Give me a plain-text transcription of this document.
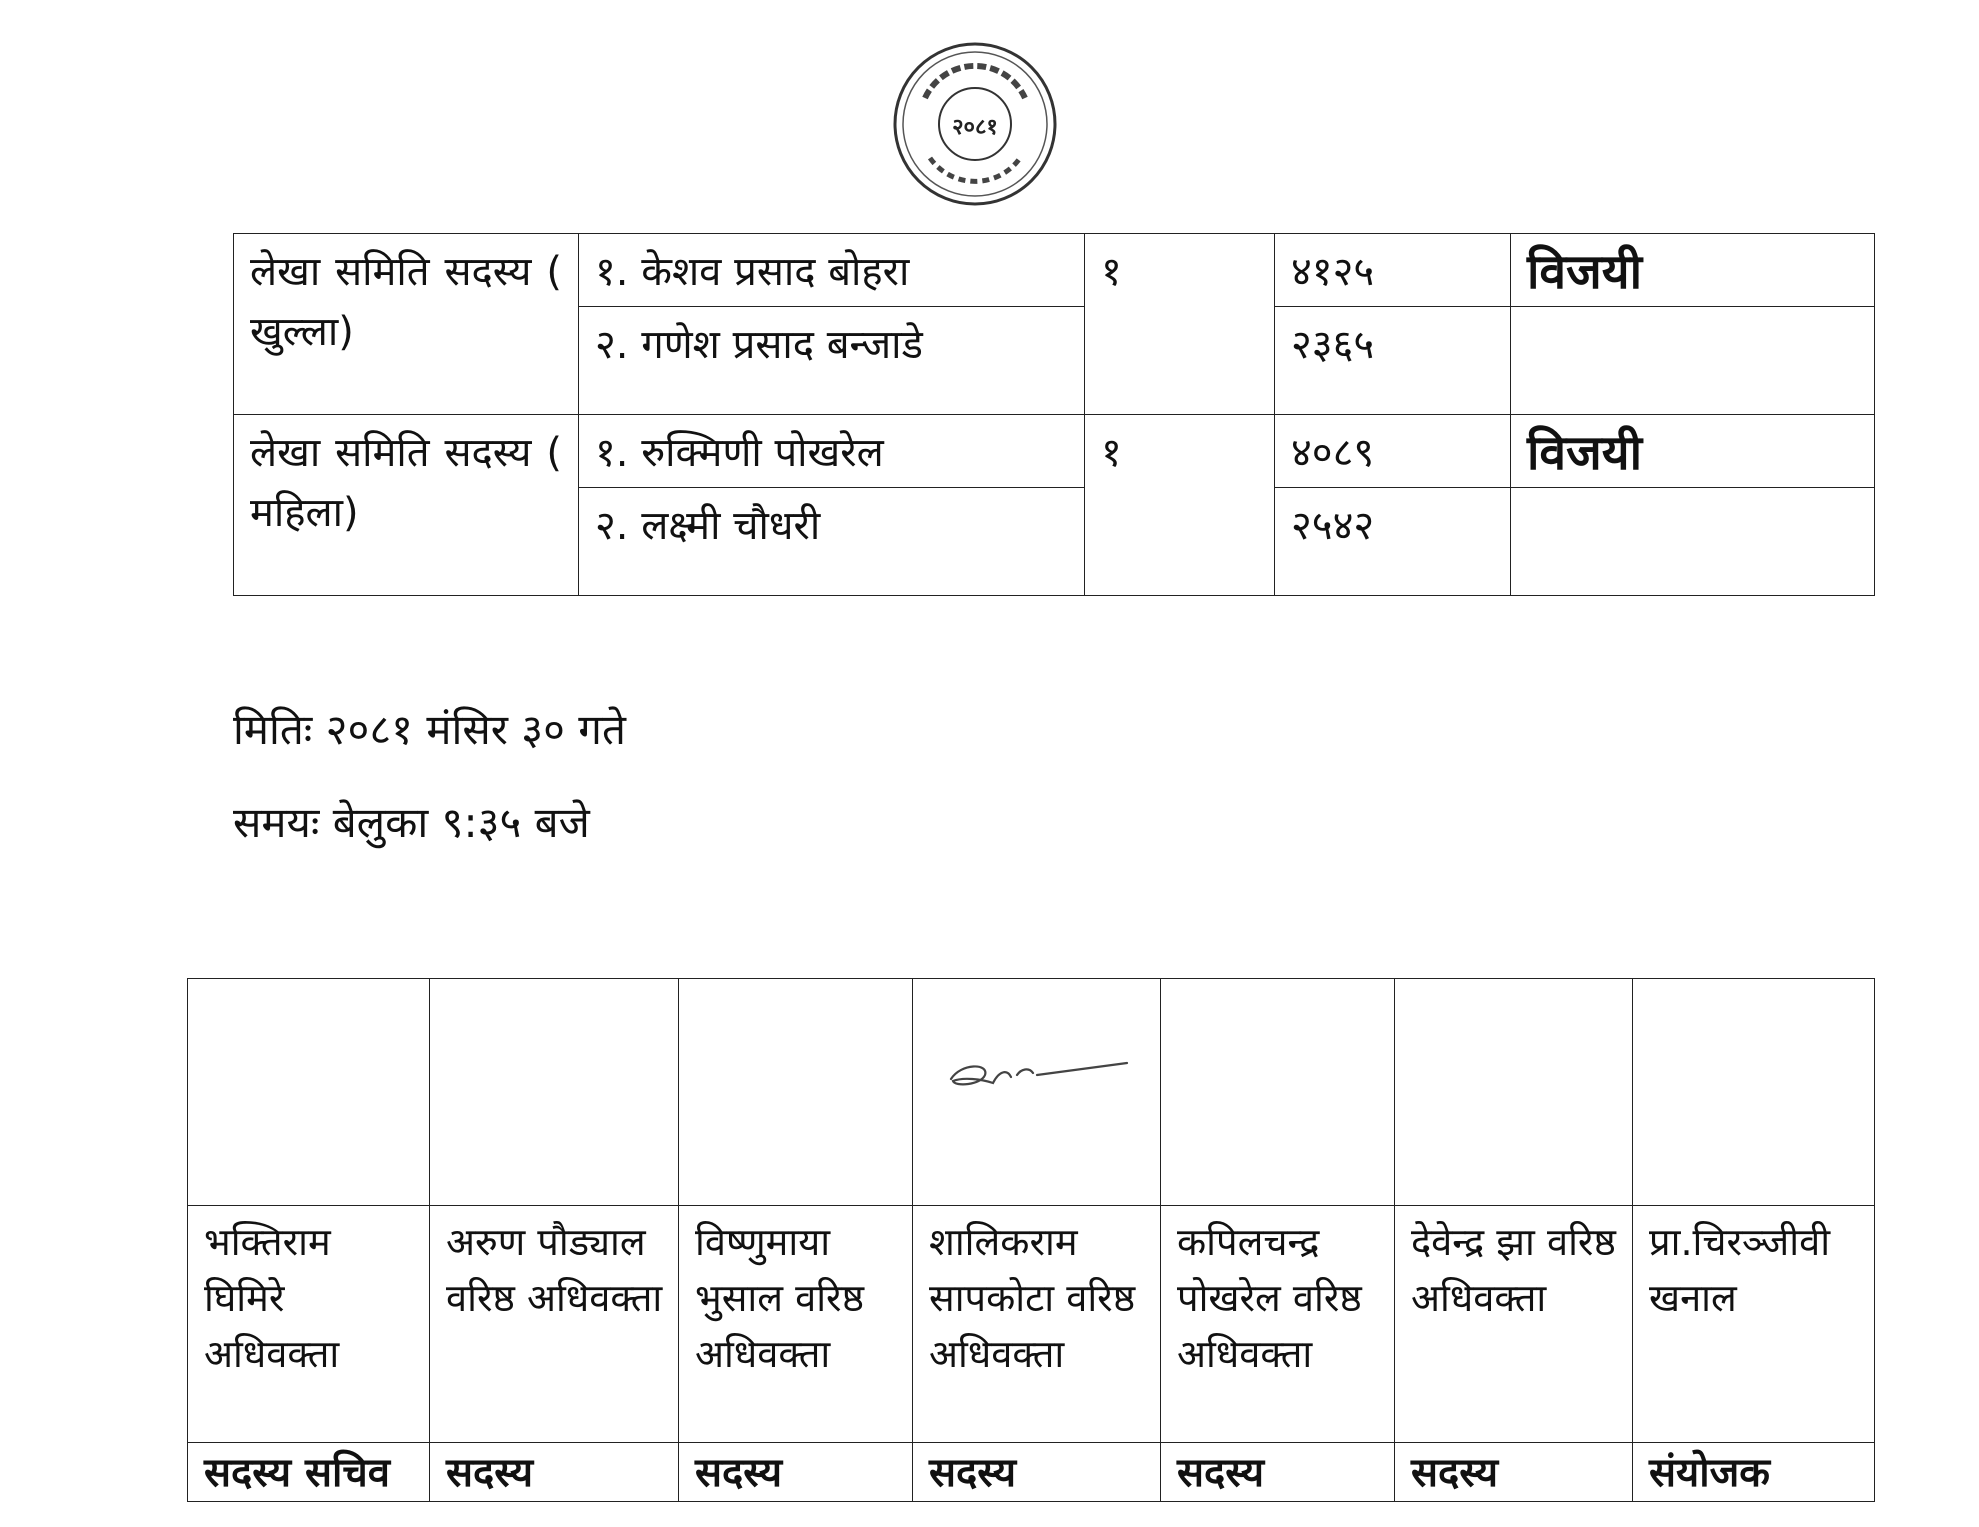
२०८१
लेखा समिति सदस्य ( खुल्ला)	१. केशव प्रसाद बोहरा	१	४१२५	विजयी
	२. गणेश प्रसाद बन्जाडे		२३६५	
लेखा समिति सदस्य ( महिला)	१. रुक्मिणी पोखरेल	१	४०८९	विजयी
	२. लक्ष्मी चौधरी		२५४२	
मितिः २०८१ मंसिर ३० गते
समयः बेलुका ९:३५ बजे

भक्तिराम घिमिरे अधिवक्ता	अरुण पौड्याल वरिष्ठ अधिवक्ता	विष्णुमाया भुसाल वरिष्ठ अधिवक्ता	शालिकराम सापकोटा वरिष्ठ अधिवक्ता	कपिलचन्द्र पोखरेल वरिष्ठ अधिवक्ता	देवेन्द्र झा वरिष्ठ अधिवक्ता	प्रा.चिरञ्जीवी खनाल
सदस्य सचिव	सदस्य	सदस्य	सदस्य	सदस्य	सदस्य	संयोजक
